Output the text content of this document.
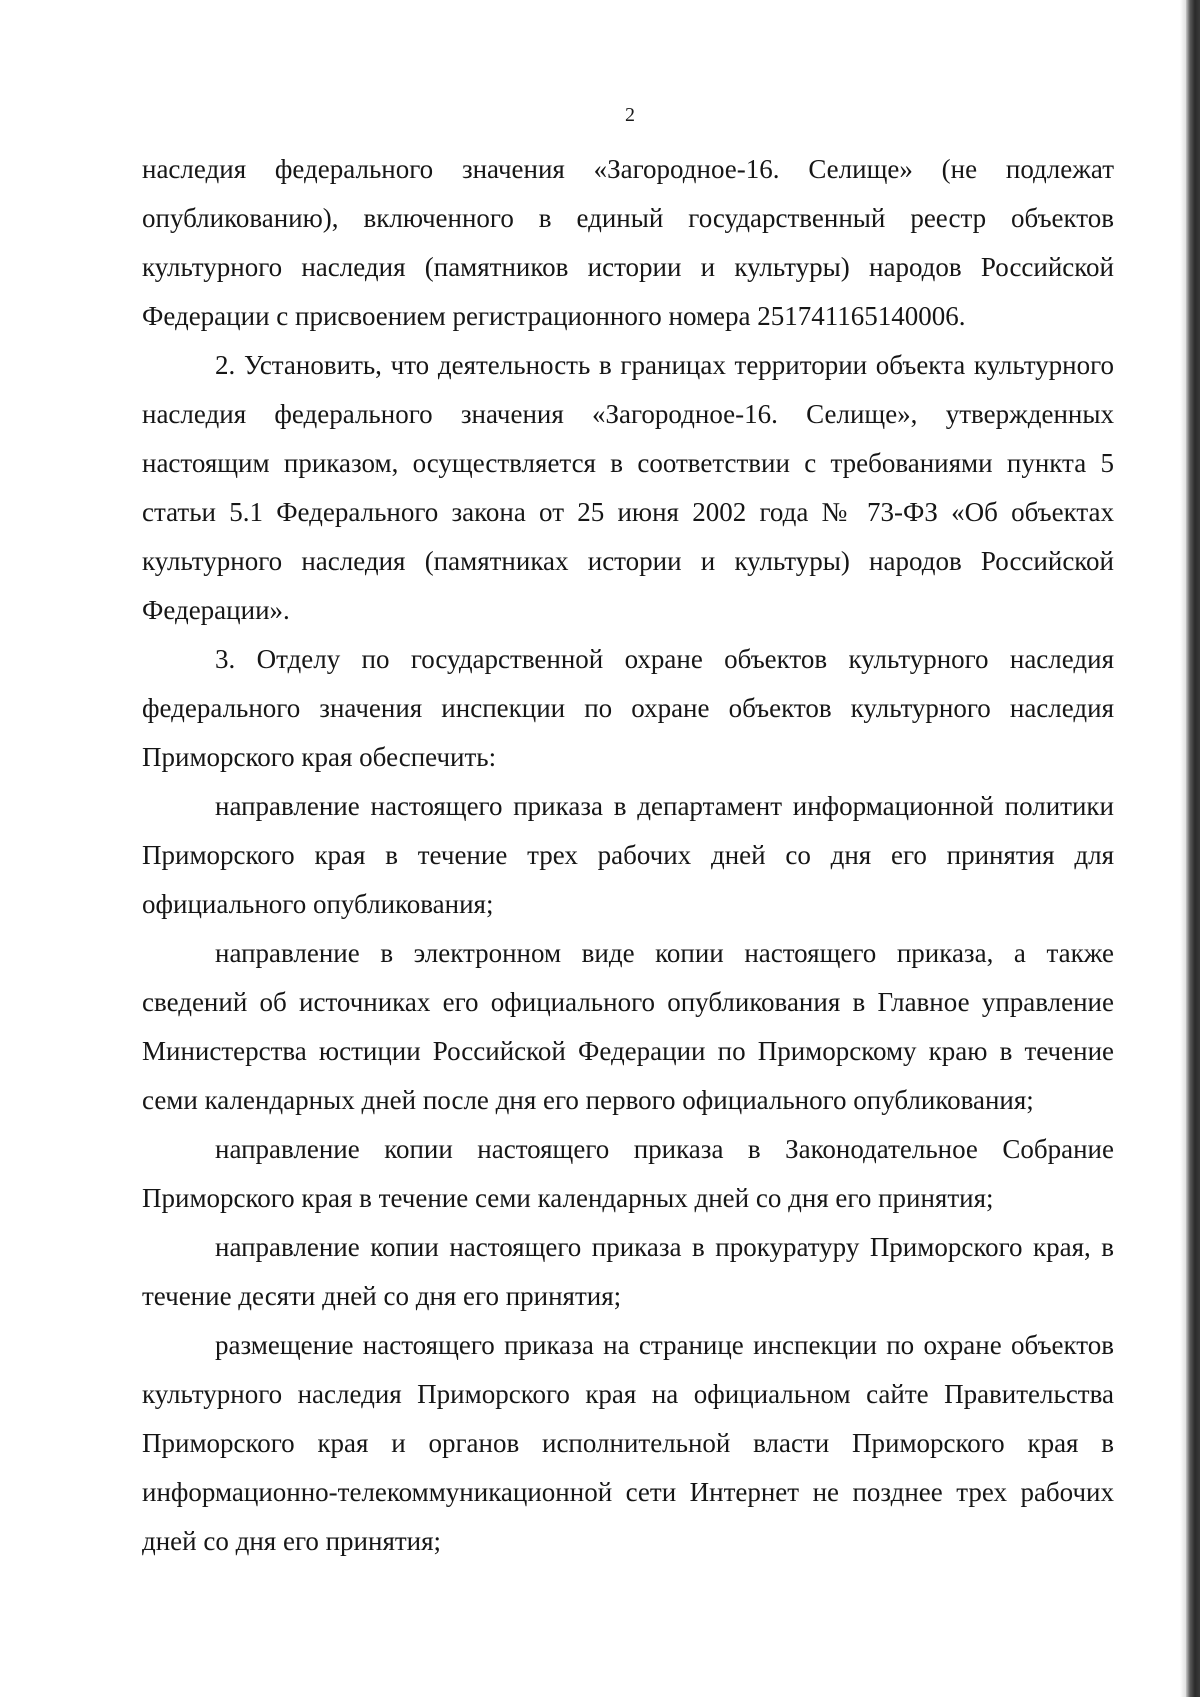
2

наследия федерального значения «Загородное-16. Селище» (не подлежат опубликованию), включенного в единый государственный реестр объектов культурного наследия (памятников истории и культуры) народов Российской Федерации с присвоением регистрационного номера 251741165140006.

2. Установить, что деятельность в границах территории объекта культурного наследия федерального значения «Загородное-16. Селище», утвержденных настоящим приказом, осуществляется в соответствии с требованиями пункта 5 статьи 5.1 Федерального закона от 25 июня 2002 года № 73-ФЗ «Об объектах культурного наследия (памятниках истории и культуры) народов Российской Федерации».

3. Отделу по государственной охране объектов культурного наследия федерального значения инспекции по охране объектов культурного наследия Приморского края обеспечить:

направление настоящего приказа в департамент информационной политики Приморского края в течение трех рабочих дней со дня его принятия для официального опубликования;

направление в электронном виде копии настоящего приказа, а также сведений об источниках его официального опубликования в Главное управление Министерства юстиции Российской Федерации по Приморскому краю в течение семи календарных дней после дня его первого официального опубликования;

направление копии настоящего приказа в Законодательное Собрание Приморского края в течение семи календарных дней со дня его принятия;

направление копии настоящего приказа в прокуратуру Приморского края, в течение десяти дней со дня его принятия;

размещение настоящего приказа на странице инспекции по охране объектов культурного наследия Приморского края на официальном сайте Правительства Приморского края и органов исполнительной власти Приморского края в информационно-телекоммуникационной сети Интернет не позднее трех рабочих дней со дня его принятия;
